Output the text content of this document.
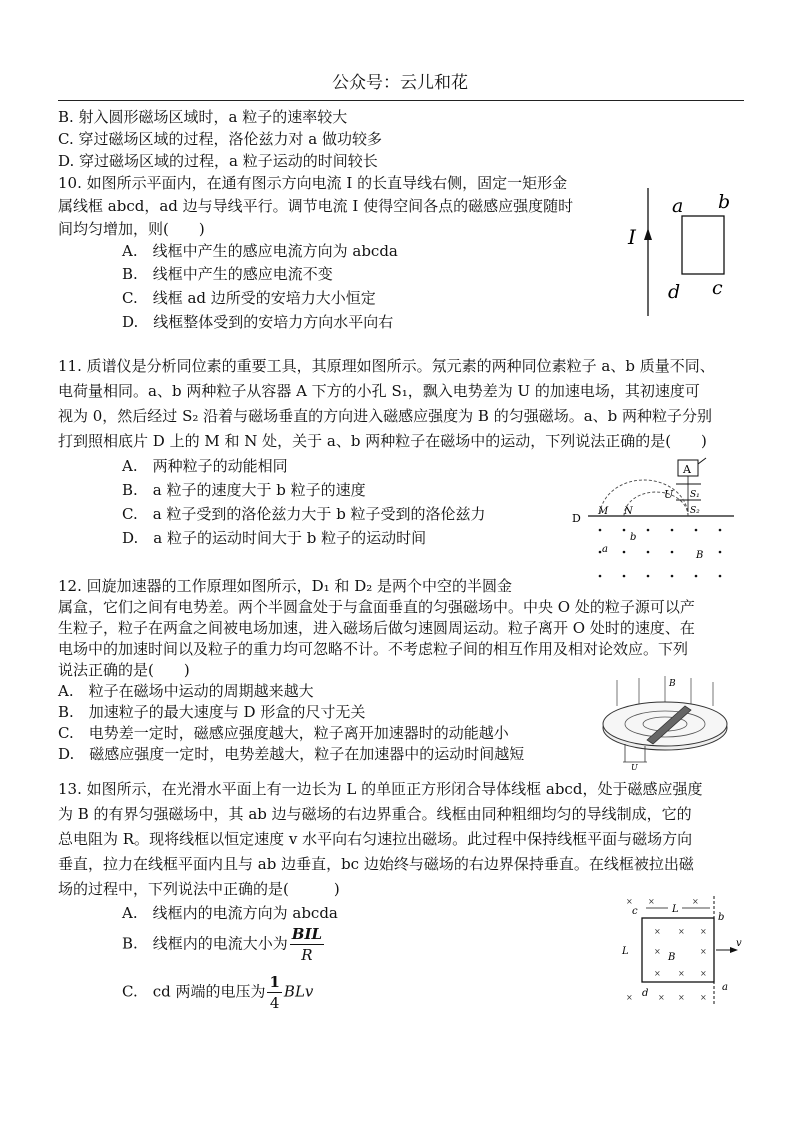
公众号：云儿和花
B. 射入圆形磁场区域时，a 粒子的速率较大
C. 穿过磁场区域的过程，洛伦兹力对 a 做功较多
D. 穿过磁场区域的过程，a 粒子运动的时间较长
10. 如图所示平面内，在通有图示方向电流 I 的长直导线右侧，固定一矩形金
属线框 abcd，ad 边与导线平行。调节电流 I 使得空间各点的磁感应强度随时
间均匀增加，则(　　)
A.　线框中产生的感应电流方向为 abcda
B.　线框中产生的感应电流不变
C.　线框 ad 边所受的安培力大小恒定
D.　线框整体受到的安培力方向水平向右
I
a b
d c
11. 质谱仪是分析同位素的重要工具，其原理如图所示。氖元素的两种同位素粒子 a、b 质量不同、
电荷量相同。a、b 两种粒子从容器 A 下方的小孔 S₁，飘入电势差为 U 的加速电场，其初速度可
视为 0，然后经过 S₂ 沿着与磁场垂直的方向进入磁感应强度为 B 的匀强磁场。a、b 两种粒子分别
打到照相底片 D 上的 M 和 N 处，关于 a、b 两种粒子在磁场中的运动，下列说法正确的是(　　)
A.　两种粒子的动能相同
B.　a 粒子的速度大于 b 粒子的速度
C.　a 粒子受到的洛伦兹力大于 b 粒子受到的洛伦兹力
D.　a 粒子的运动时间大于 b 粒子的运动时间
A
U S₁
S₂
D
M N
a
b
B
12. 回旋加速器的工作原理如图所示，D₁ 和 D₂ 是两个中空的半圆金
属盒，它们之间有电势差。两个半圆盒处于与盒面垂直的匀强磁场中。中央 O 处的粒子源可以产
生粒子，粒子在两盒之间被电场加速，进入磁场后做匀速圆周运动。粒子离开 O 处时的速度、在
电场中的加速时间以及粒子的重力均可忽略不计。不考虑粒子间的相互作用及相对论效应。下列
说法正确的是(　　)
A.　粒子在磁场中运动的周期越来越大
B.　加速粒子的最大速度与 D 形盒的尺寸无关
C.　电势差一定时，磁感应强度越大，粒子离开加速器时的动能越小
D.　磁感应强度一定时，电势差越大，粒子在加速器中的运动时间越短
B
U
13. 如图所示，在光滑水平面上有一边长为 L 的单匝正方形闭合导体线框 abcd，处于磁感应强度
为 B 的有界匀强磁场中，其 ab 边与磁场的右边界重合。线框由同种粗细均匀的导线制成，它的
总电阻为 R。现将线框以恒定速度 v 水平向右匀速拉出磁场。此过程中保持线框平面与磁场方向
垂直，拉力在线框平面内且与 ab 边垂直，bc 边始终与磁场的右边界保持垂直。在线框被拉出磁
场的过程中，下列说法中正确的是(　　　)
A.　线框内的电流方向为 abcda
B.　线框内的电流大小为 $\frac{\text{BIL}}{R}$
C.　cd 两端的电压为 $\frac{1}{4}$ BLv
c
b
L
L
B
v
d
a
× ×	×
× × ×
×	×
× × ×
×	× × ×
